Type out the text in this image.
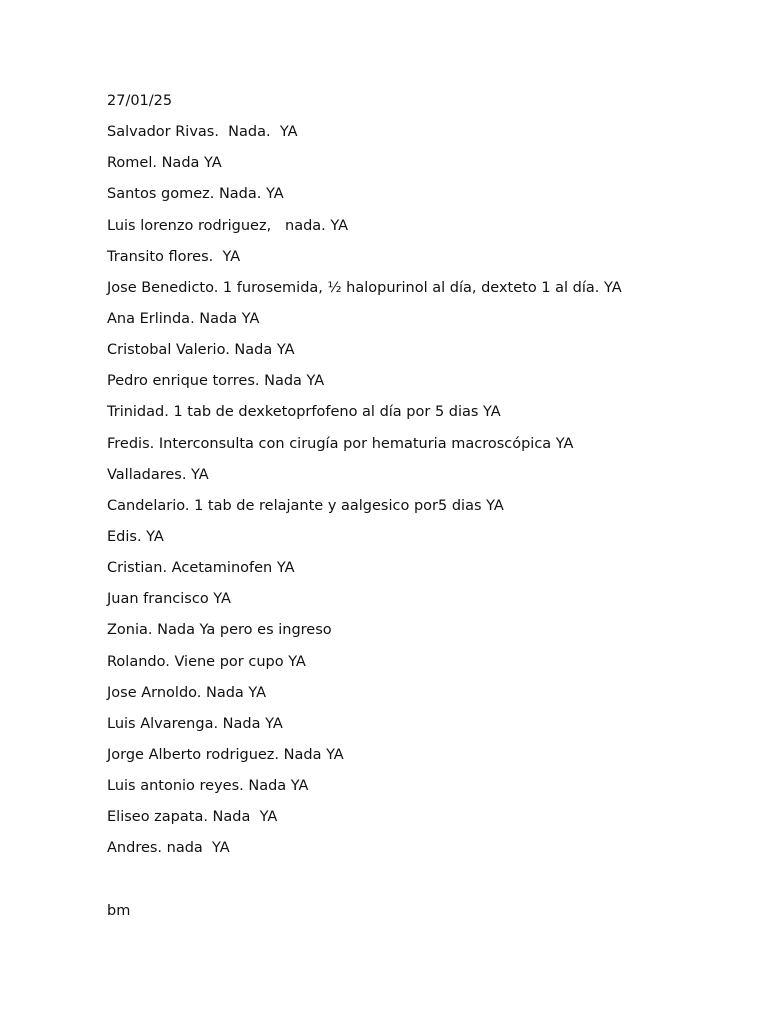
27/01/25
Salvador Rivas.  Nada.  YA
Romel. Nada YA
Santos gomez. Nada. YA
Luis lorenzo rodriguez,   nada. YA
Transito flores.  YA
Jose Benedicto. 1 furosemida, ½ halopurinol al día, dexteto 1 al día. YA
Ana Erlinda. Nada YA
Cristobal Valerio. Nada YA
Pedro enrique torres. Nada YA
Trinidad. 1 tab de dexketoprfofeno al día por 5 dias YA
Fredis. Interconsulta con cirugía por hematuria macroscópica YA
Valladares. YA
Candelario. 1 tab de relajante y aalgesico por5 dias YA
Edis. YA
Cristian. Acetaminofen YA
Juan francisco YA
Zonia. Nada Ya pero es ingreso
Rolando. Viene por cupo YA
Jose Arnoldo. Nada YA
Luis Alvarenga. Nada YA
Jorge Alberto rodriguez. Nada YA
Luis antonio reyes. Nada YA
Eliseo zapata. Nada  YA
Andres. nada  YA
bm
